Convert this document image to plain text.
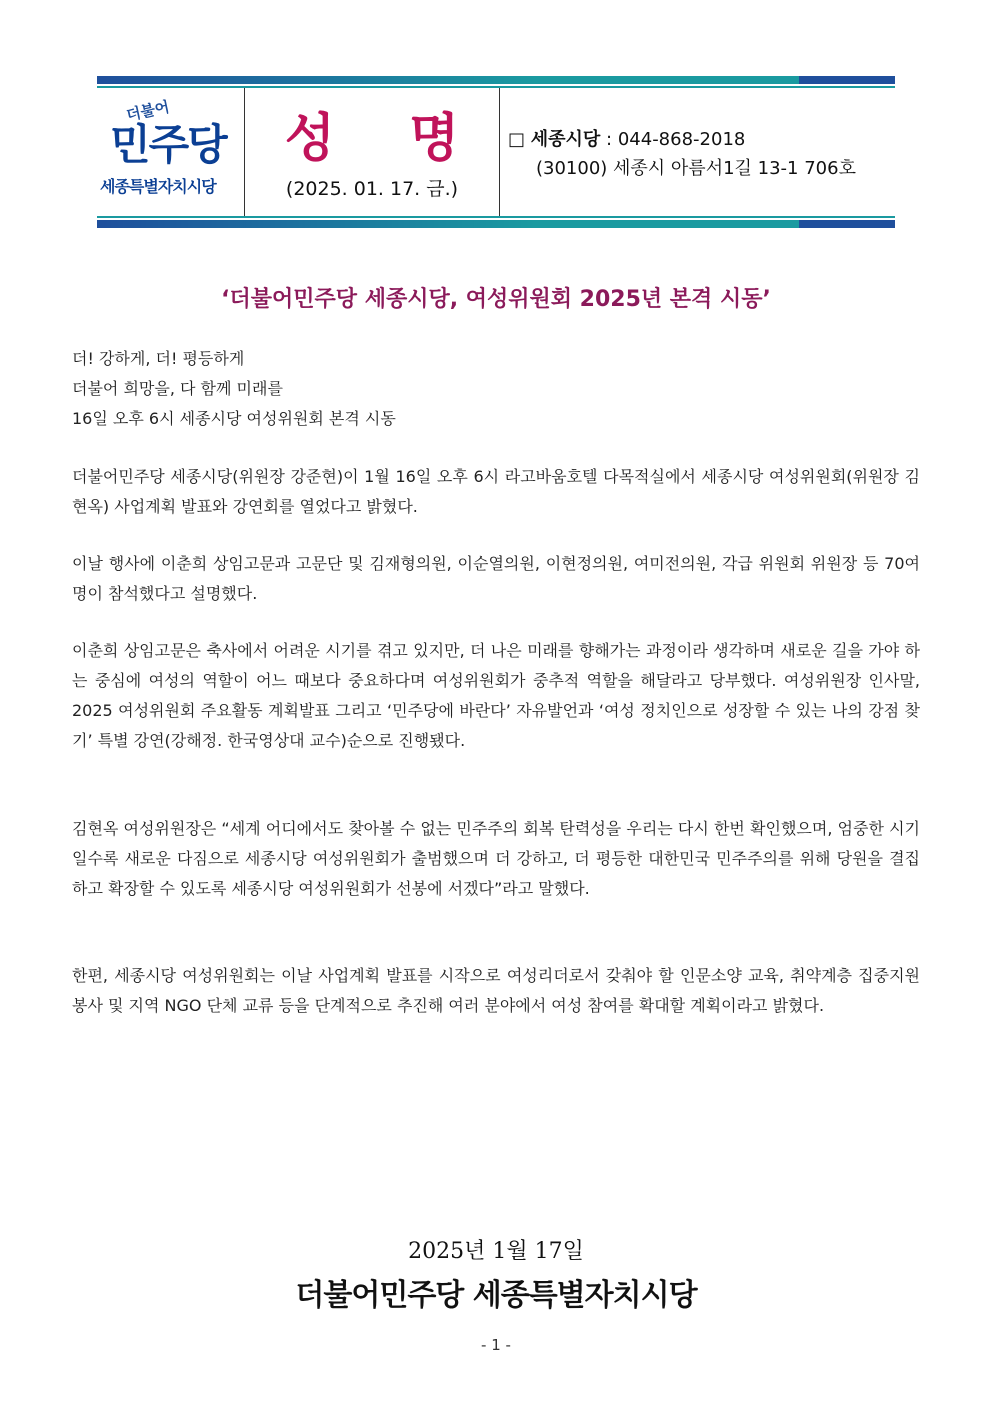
더불어
민주당
세종특별자치시당
성 명
(2025. 01. 17. 금.)
□ 세종시당 : 044-868-2018
(30100) 세종시 아름서1길 13-1 706호
‘더불어민주당 세종시당, 여성위원회 2025년 본격 시동’
더! 강하게, 더! 평등하게
더불어 희망을, 다 함께 미래를
16일 오후 6시 세종시당 여성위원회 본격 시동
더불어민주당 세종시당(위원장 강준현)이 1월 16일 오후 6시 라고바움호텔 다목적실에서 세종시당 여성위원회(위원장 김현옥) 사업계획 발표와 강연회를 열었다고 밝혔다.
이날 행사에 이춘희 상임고문과 고문단 및 김재형의원, 이순열의원, 이현정의원, 여미전의원, 각급 위원회 위원장 등 70여 명이 참석했다고 설명했다.
이춘희 상임고문은 축사에서 어려운 시기를 겪고 있지만, 더 나은 미래를 향해가는 과정이라 생각하며 새로운 길을 가야 하는 중심에 여성의 역할이 어느 때보다 중요하다며 여성위원회가 중추적 역할을 해달라고 당부했다. 여성위원장 인사말, 2025 여성위원회 주요활동 계획발표 그리고 ‘민주당에 바란다’ 자유발언과 ‘여성 정치인으로 성장할 수 있는 나의 강점 찾기’ 특별 강연(강해정. 한국영상대 교수)순으로 진행됐다.
김현옥 여성위원장은 “세계 어디에서도 찾아볼 수 없는 민주주의 회복 탄력성을 우리는 다시 한번 확인했으며, 엄중한 시기일수록 새로운 다짐으로 세종시당 여성위원회가 출범했으며 더 강하고, 더 평등한 대한민국 민주주의를 위해 당원을 결집하고 확장할 수 있도록 세종시당 여성위원회가 선봉에 서겠다”라고 말했다.
한편, 세종시당 여성위원회는 이날 사업계획 발표를 시작으로 여성리더로서 갖춰야 할 인문소양 교육, 취약계층 집중지원 봉사 및 지역 NGO 단체 교류 등을 단계적으로 추진해 여러 분야에서 여성 참여를 확대할 계획이라고 밝혔다.
2025년 1월 17일
더불어민주당 세종특별자치시당
- 1 -
